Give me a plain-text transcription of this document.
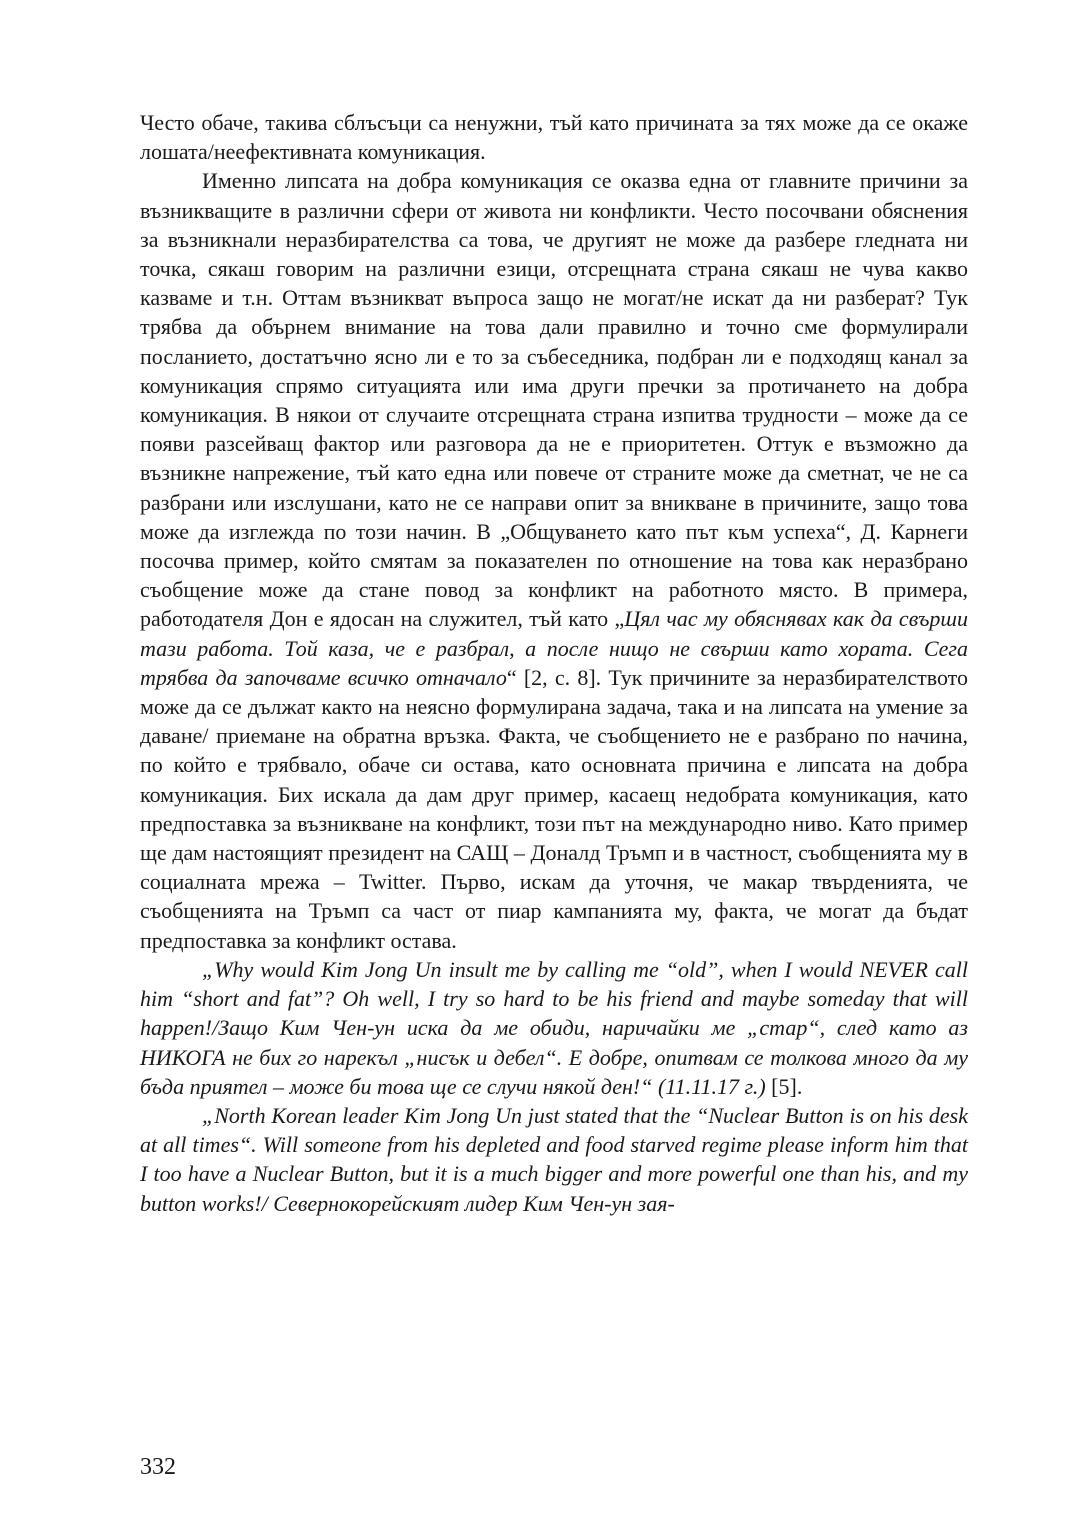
Често обаче, такива сблъсъци са ненужни, тъй като причината за тях може да се окаже лошата/неефективната комуникация.

Именно липсата на добра комуникация се оказва една от главните причини за възникващите в различни сфери от живота ни конфликти. Често посочвани обяснения за възникнали неразбирателства са това, че другият не може да разбере гледната ни точка, сякаш говорим на различни езици, отсрещната страна сякаш не чува какво казваме и т.н. Оттам възникват въпроса защо не могат/не искат да ни разберат? Тук трябва да обърнем внимание на това дали правилно и точно сме формулирали посланието, достатъчно ясно ли е то за събеседника, подбран ли е подходящ канал за комуникация спрямо ситуацията или има други пречки за протичането на добра комуникация. В някои от случаите отсрещната страна изпитва трудности – може да се появи разсейващ фактор или разговора да не е приоритетен. Оттук е възможно да възникне напрежение, тъй като една или повече от страните може да сметнат, че не са разбрани или изслушани, като не се направи опит за вникване в причините, защо това може да изглежда по този начин. В „Общуването като път към успеха“, Д. Карнеги посочва пример, който смятам за показателен по отношение на това как неразбрано съобщение може да стане повод за конфликт на работното място. В примера, работодателя Дон е ядосан на служител, тъй като „Цял час му обяснявах как да свърши тази работа. Той каза, че е разбрал, а после нищо не свърши като хората. Сега трябва да започваме всичко отначало“ [2, с. 8]. Тук причините за неразбирателството може да се дължат както на неясно формулирана задача, така и на липсата на умение за даване/ приемане на обратна връзка. Факта, че съобщението не е разбрано по начина, по който е трябвало, обаче си остава, като основната причина е липсата на добра комуникация. Бих искала да дам друг пример, касаещ недобрата комуникация, като предпоставка за възникване на конфликт, този път на международно ниво. Като пример ще дам настоящият президент на САЩ – Доналд Тръмп и в частност, съобщенията му в социалната мрежа – Twitter. Първо, искам да уточня, че макар твърденията, че съобщенията на Тръмп са част от пиар кампанията му, факта, че могат да бъдат предпоставка за конфликт остава.

„Why would Kim Jong Un insult me by calling me “old”, when I would NEVER call him “short and fat”? Oh well, I try so hard to be his friend and maybe someday that will happen!/Защо Ким Чен-ун иска да ме обиди, наричайки ме „стар“, след като аз НИКОГА не бих го нарекъл „нисък и дебел“. Е добре, опитвам се толкова много да му бъда приятел – може би това ще се случи някой ден!“ (11.11.17 г.) [5].

„North Korean leader Kim Jong Un just stated that the “Nuclear Button is on his desk at all times“. Will someone from his depleted and food starved regime please inform him that I too have a Nuclear Button, but it is a much bigger and more powerful one than his, and my button works!/ Севернокорейският лидер Ким Чен-ун зая-

332
